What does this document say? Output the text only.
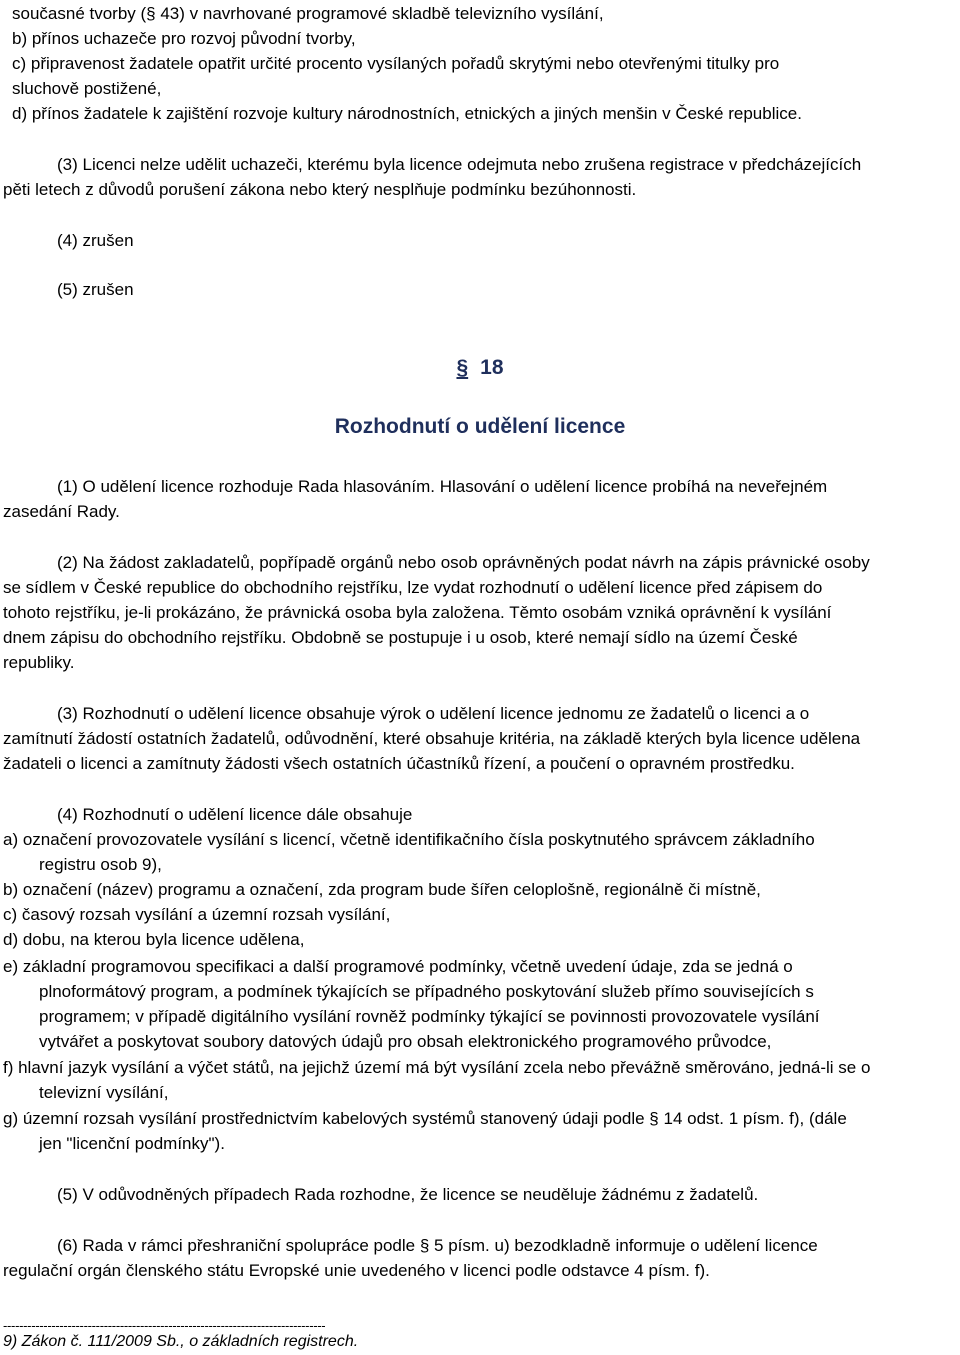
současné tvorby (§ 43) v navrhované programové skladbě televizního vysílání,
b) přínos uchazeče pro rozvoj původní tvorby,
c) připravenost žadatele opatřit určité procento vysílaných pořadů skrytými nebo otevřenými titulky pro
sluchově postižené,
d) přínos žadatele k zajištění rozvoje kultury národnostních, etnických a jiných menšin v České republice.
(3) Licenci nelze udělit uchazeči, kterému byla licence odejmuta nebo zrušena registrace v předcházejících
pěti letech z důvodů porušení zákona nebo který nesplňuje podmínku bezúhonnosti.
(4) zrušen
(5) zrušen
§ 18
Rozhodnutí o udělení licence
(1) O udělení licence rozhoduje Rada hlasováním. Hlasování o udělení licence probíhá na neveřejném
zasedání Rady.
(2) Na žádost zakladatelů, popřípadě orgánů nebo osob oprávněných podat návrh na zápis právnické osoby
se sídlem v České republice do obchodního rejstříku, lze vydat rozhodnutí o udělení licence před zápisem do
tohoto rejstříku, je-li prokázáno, že právnická osoba byla založena. Těmto osobám vzniká oprávnění k vysílání
dnem zápisu do obchodního rejstříku. Obdobně se postupuje i u osob, které nemají sídlo na území České
republiky.
(3) Rozhodnutí o udělení licence obsahuje výrok o udělení licence jednomu ze žadatelů o licenci a o
zamítnutí žádostí ostatních žadatelů, odůvodnění, které obsahuje kritéria, na základě kterých byla licence udělena
žadateli o licenci a zamítnuty žádosti všech ostatních účastníků řízení, a poučení o opravném prostředku.
(4) Rozhodnutí o udělení licence dále obsahuje
a) označení provozovatele vysílání s licencí, včetně identifikačního čísla poskytnutého správcem základního
registru osob 9),
b) označení (název) programu a označení, zda program bude šířen celoplošně, regionálně či místně,
c) časový rozsah vysílání a územní rozsah vysílání,
d) dobu, na kterou byla licence udělena,
e) základní programovou specifikaci a další programové podmínky, včetně uvedení údaje, zda se jedná o
plnoformátový program, a podmínek týkajících se případného poskytování služeb přímo souvisejících s
programem; v případě digitálního vysílání rovněž podmínky týkající se povinnosti provozovatele vysílání
vytvářet a poskytovat soubory datových údajů pro obsah elektronického programového průvodce,
f) hlavní jazyk vysílání a výčet států, na jejichž území má být vysílání zcela nebo převážně směrováno, jedná-li se o
televizní vysílání,
g) územní rozsah vysílání prostřednictvím kabelových systémů stanovený údaji podle § 14 odst. 1 písm. f), (dále
jen "licenční podmínky").
(5) V odůvodněných případech Rada rozhodne, že licence se neuděluje žádnému z žadatelů.
(6) Rada v rámci přeshraniční spolupráce podle § 5 písm. u) bezodkladně informuje o udělení licence
regulační orgán členského státu Evropské unie uvedeného v licenci podle odstavce 4 písm. f).
--------------------------------------------------------------------------------
9) Zákon č. 111/2009 Sb., o základních registrech.
